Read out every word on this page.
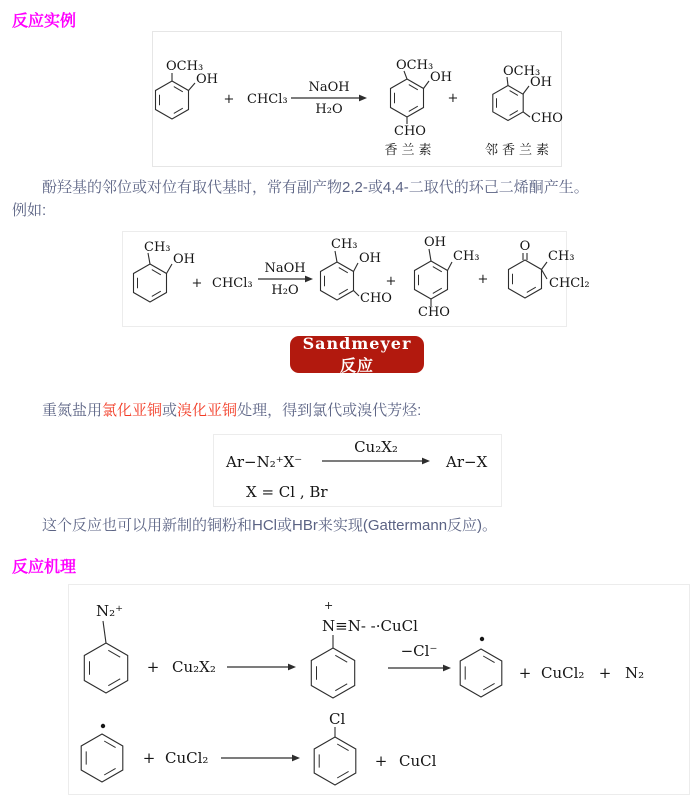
反应实例
OCH₃
OH
+ CHCl₃
NaOH
H₂O
OCH₃
OH
CHO
香兰素
+
OCH₃
OH
CHO
邻香兰素

酚羟基的邻位或对位有取代基时，常有副产物2,2-或4,4-二取代的环己二烯酮产生。
例如:

CH₃
OH
+ CHCl₃
NaOH
H₂O
CH₃
OH
CHO
+
OH
CH₃
CHO
+
O
CH₃
CHCl₂
Sandmeyer反应

重氮盐用氯化亚铜或溴化亚铜处理，得到氯代或溴代芳烃:

Ar−N₂⁺X⁻
Cu₂X₂
Ar−X
X = Cl , Br

这个反应也可以用新制的铜粉和HCl或HBr来实现(Gattermann反应)。

反应机理
N₂⁺
+ Cu₂X₂
N≡N- -·CuCl
+
−Cl⁻
+ CuCl₂ + N₂
+ CuCl₂
Cl
+ CuCl
